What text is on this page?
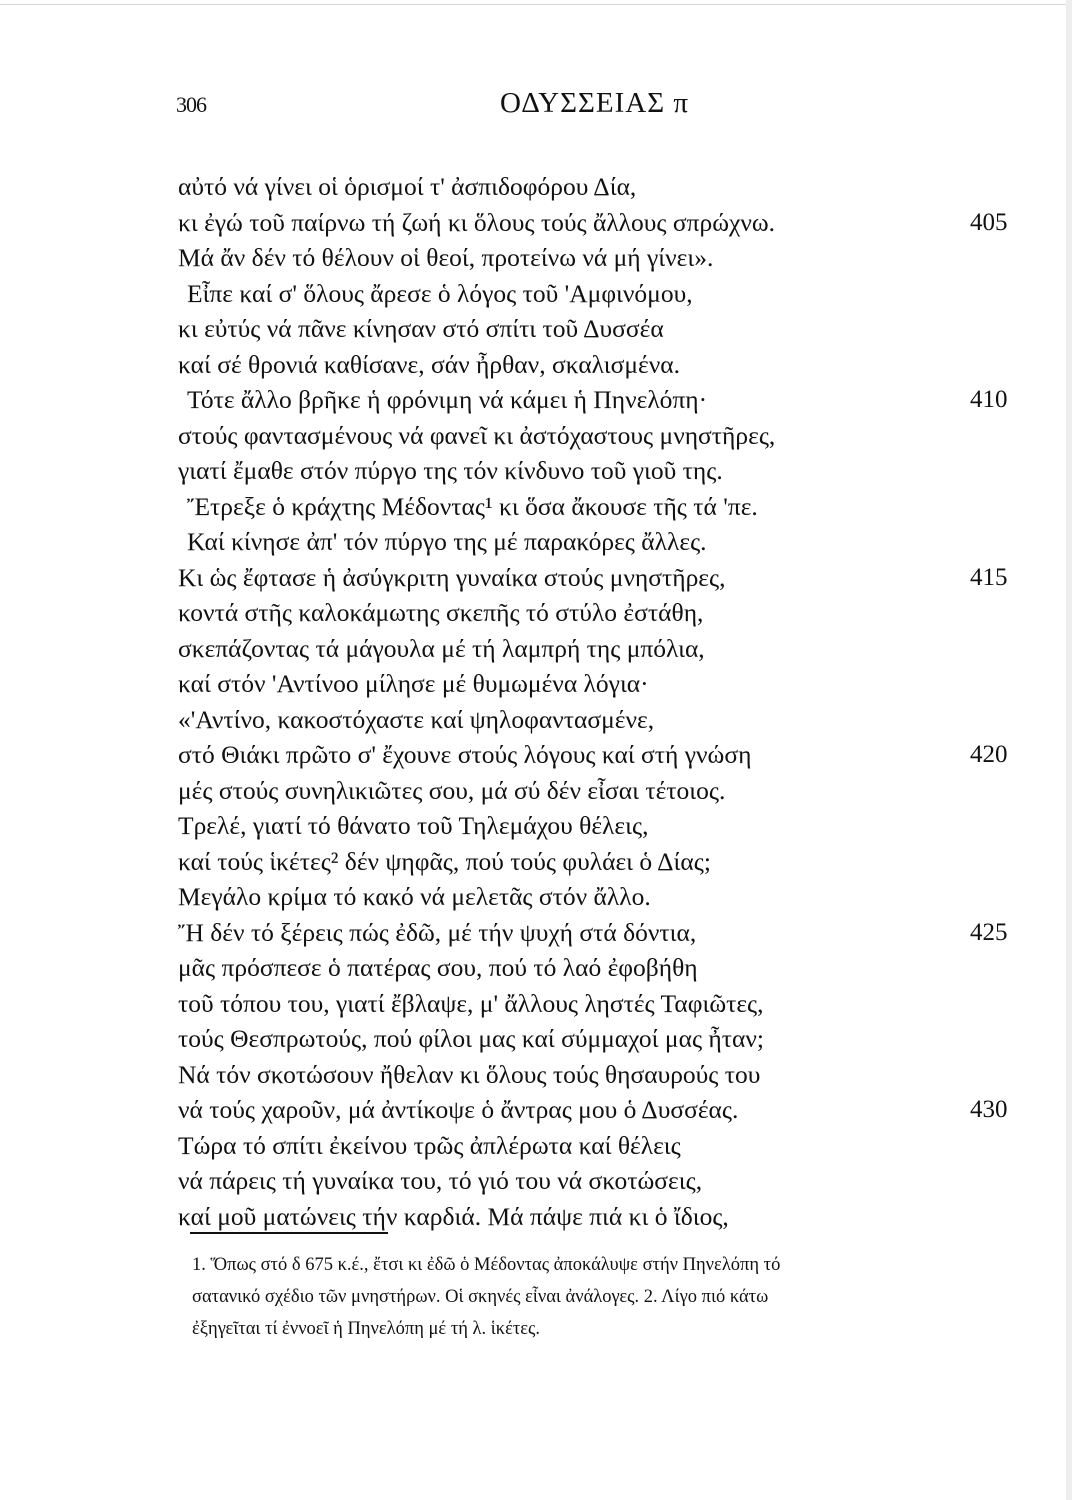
306	ΟΔΥΣΣΕΙΑΣ π
αὐτό νά γίνει οἱ ὁρισμοί τ' ἀσπιδοφόρου Δία,
κι ἐγώ τοῦ παίρνω τή ζωή κι ὅλους τούς ἄλλους σπρώχνω.	405
Μά ἄν δέν τό θέλουν οἱ θεοί, προτείνω νά μή γίνει».
Εἶπε καί σ' ὅλους ἄρεσε ὁ λόγος τοῦ 'Αμφινόμου,
κι εὐτύς νά πᾶνε κίνησαν στό σπίτι τοῦ Δυσσέα
καί σέ θρονιά καθίσανε, σάν ἦρθαν, σκαλισμένα.
Τότε ἄλλο βρῆκε ἡ φρόνιμη νά κάμει ἡ Πηνελόπη·	410
στούς φαντασμένους νά φανεῖ κι ἀστόχαστους μνηστῆρες,
γιατί ἔμαθε στόν πύργο της τόν κίνδυνο τοῦ γιοῦ της.
Ἔτρεξε ὁ κράχτης Μέδοντας¹ κι ὅσα ἄκουσε τῆς τά 'πε.
Καί κίνησε ἀπ' τόν πύργο της μέ παρακόρες ἄλλες.
Κι ὡς ἔφτασε ἡ ἀσύγκριτη γυναίκα στούς μνηστῆρες,	415
κοντά στῆς καλοκάμωτης σκεπῆς τό στύλο ἐστάθη,
σκεπάζοντας τά μάγουλα μέ τή λαμπρή της μπόλια,
καί στόν 'Αντίνοο μίλησε μέ θυμωμένα λόγια·
«'Αντίνο, κακοστόχαστε καί ψηλοφαντασμένε,
στό Θιάκι πρῶτο σ' ἔχουνε στούς λόγους καί στή γνώση	420
μές στούς συνηλικιῶτες σου, μά σύ δέν εἶσαι τέτοιος.
Τρελέ, γιατί τό θάνατο τοῦ Τηλεμάχου θέλεις,
καί τούς ἱκέτες² δέν ψηφᾶς, πού τούς φυλάει ὁ Δίας;
Μεγάλο κρίμα τό κακό νά μελετᾶς στόν ἄλλο.
Ἤ δέν τό ξέρεις πώς ἐδῶ, μέ τήν ψυχή στά δόντια,	425
μᾶς πρόσπεσε ὁ πατέρας σου, πού τό λαό ἐφοβήθη
τοῦ τόπου του, γιατί ἔβλαψε, μ' ἄλλους ληστές Ταφιῶτες,
τούς Θεσπρωτούς, πού φίλοι μας καί σύμμαχοί μας ἦταν;
Νά τόν σκοτώσουν ἤθελαν κι ὅλους τούς θησαυρούς του
νά τούς χαροῦν, μά ἀντίκοψε ὁ ἄντρας μου ὁ Δυσσέας.	430
Τώρα τό σπίτι ἐκείνου τρῶς ἀπλέρωτα καί θέλεις
νά πάρεις τή γυναίκα του, τό γιό του νά σκοτώσεις,
καί μοῦ ματώνεις τήν καρδιά. Μά πάψε πιά κι ὁ ἴδιος,

1. Ὅπως στό δ 675 κ.έ., ἔτσι κι ἐδῶ ὁ Μέδοντας ἀποκάλυψε στήν Πηνελόπη τό

σατανικό σχέδιο τῶν μνηστήρων. Οἱ σκηνές εἶναι ἀνάλογες. 2. Λίγο πιό κάτω

ἐξηγεῖται τί ἐννοεῖ ἡ Πηνελόπη μέ τή λ. ἱκέτες.
